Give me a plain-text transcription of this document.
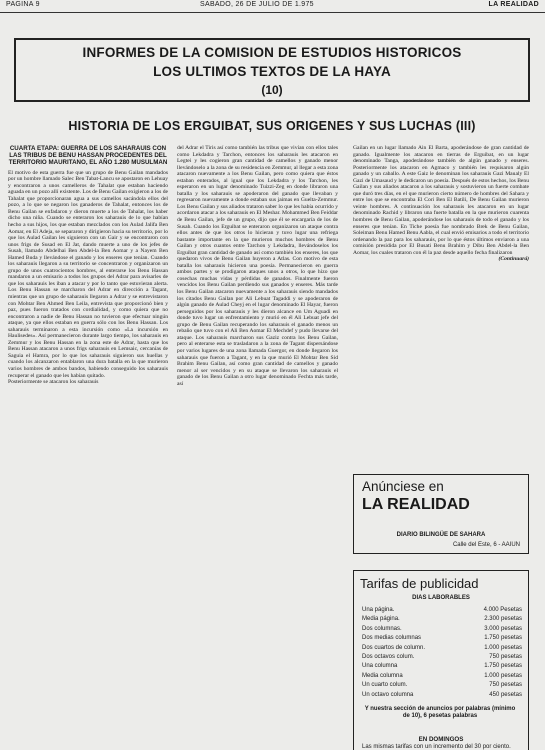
PAGINA 9	SABADO, 26 DE JULIO DE 1.975	LA REALIDAD
INFORMES DE LA COMISION DE ESTUDIOS HISTORICOS
LOS ULTIMOS TEXTOS DE LA HAYA
(10)
HISTORIA DE LOS ERGUIBAT, SUS ORIGENES Y SUS LUCHAS (III)

CUARTA ETAPA: GUERRA DE LOS SAHARAUIS CON LAS TRIBUS DE BENU HASSAN PROCEDENTES DEL TERRITORIO MAURITANO, EL AÑO 1.280 MUSULMAN

El motivo de esta guerra fue que un grupo de Benu Gailan mandados por un hombre llamado Salec Ben Tabat-Lancu se apostaron en Lehuay y encontraron a unos camelleros de Tahalat que estaban haciendo aguada en un pozo allí existente. Los de Benu Gailan exigieron a los de Tahalat que proporcionaran agua a sus camellos sacándola ellos del pozo, a lo que se negaron los ganaderos de Tahalat, entonces los de Benu Gailan se enfadaron y dieron muerte a los de Tahalat, los haber dicho una niña. Cuando se enteraron los saharauis de lo que habían hecho a sus hijos, los que estaban mezclados con los Aulad Jalifa Ben Aomar, en El Adeja, se separaron y dirigieron hacia su territorio, por lo que los Aulad Gailan les siguieron con un Gair y se encontraron con unos frigs de Susad en El Jat, dando muerte a uno de los jefes de Susah, llamado Abdelhai Ben Abdel-la Ben Aomar y a Nayem Ben Hamed Buda y llevándose el ganado y los enseres que tenían. Cuando los saharauis llegaron a su territorio se concentraron y organizaron un grupo de unos cuatrocientos hombres, al enterarse los Benu Hassan mandaron a un emisario a todos los grupos del Adrar para avisarles de que los saharauis les iban a atacar y por lo tanto que estuvieran alerta. Los Benu Hassan se marcharon del Adrar en dirección a Tagant, mientras que un grupo de saharauis llegaron a Adrar y se entrevistaron con Mohtar Ben Ahmed Ben Leila, entrevista que proporcionó bien y paz, pues fueron tratados con cordialidad, y como quiera que no encontraron a nadie de Benu Hassan no tuvieron que efectuar ningún ataque, ya que ellos estaban en guerra sólo con los Benu Hassan. Los saharauis terminaron a esta incursión como «La incursión en Haulisedes». Así permanecieron durante largo tiempo, los saharauis en Zemmur y los Benu Hassan en la zona este de Adrar, hasta que los Benu Hassan atacaron a unos frigs saharauis en Lemsaic, cercanías de Saguia el Hamra, por lo que los saharauis siguieron sus huellas y cuando los alcanzaron entablaron una dura batalla en la que murieron varios hombres de ambos bandos, habiendo conseguido los saharauis recuperar el ganado que les habían quitado.

Posteriormente se atacaron los saharauis

del Adrar el Tiris así como también las tribus que vivían con ellos tales como Lekdadra y Tarchon, entonces los saharauis les atacaron en Legtei y les cogieron gran cantidad de camellos y ganado menor llevándoselo a la zona de su residencia en Zemmur, al llegar a esta zona atacaron nuevamente a los Benu Gailan, pero como quiera que éstos estaban enterados, al igual que los Lekdadra y los Tarchon, les esperaron en un lugar denominado Tuizzi-Zeg en donde libraron una batalla y los saharauis se apoderaron del ganado que llevaban y regresaron nuevamente a donde estaban sus jaimas en Guelta-Zemmur. Los Benu Gailan y sus aliados trataron saber lo que les había ocurrido y acordaron atacar a los saharauis en El Meshar. Mohammed Ben Feiddar de Benu Gailan, jefe de un grupo, dijo que él se encargaría de los de Susah. Cuando los Erguibat se enteraron organizaron un ataque contra ellos antes de que los otros lo hicieran y tuvo lugar una refriega bastante importante en la que murieron muchos hombres de Benu Gailan y otros cuantos entre Tarchon y Lekdadra, llevándoselos los Erguibat gran cantidad de ganado así como también los enseres, los que quedaron vivos de Benu Gailan huyeron a Atlas. Con motivo de esta batalla los saharauis hicieron una poesía. Permanecieron en guerra ambos partes y se prodigaron ataques unos a otros, lo que hizo que cosechas muchas vidas y pérdidas de ganados. Finalmente fueron vencidos los Benu Gailan perdiendo sus ganados y enseres. Más tarde los Benu Gailan atacaron nuevamente a los saharauis siendo mandados los citados Benu Gailan por Ali Lebuat Tagaddi y se apoderaron de algún ganado de Aulad Cheyj en el lugar denominado El Hayar, fueron perseguidos por los saharauis y les dieron alcance en Um Aguadi en donde tuvo lugar un enfrentamiento y murió en él Ali Lebuat jefe del grupo de Benu Gailan recuperando los saharauis el ganado menos un rebaño que tuvo con el Ali Ben Aomar El Mechdef y pudo llevarse del ataque. Los saharauis marcharon sus Gaziz contra los Benu Gailan, pero al enterarse esta se trasladaron a la zona de Tagant dispersándose por varios lugares de una zona llamada Guergor, en donde llegaron los saharauis que fueron a Tagant, y en la que murió El Mohtar Ben Sid Brahim Benu Gailan, así como gran cantidad de camellos y ganado menor al ser vencidos y en su ataque se llevaron los saharauis el ganado de los Benu Gailan a otro lugar denominado Fechta más tarde, así

Gailan en un lugar llamado Ain El Barta, apoderándose de gran cantidad de ganado. Igualmente los atacaron en tierras de Erguibat, en un lugar denominado Tanga, apoderándose también de algún ganado y enseres. Posteriormente los atacaron en Agmaco y también les requisaron algún ganado y un caballo. A este Gaiz le denominan los saharauis Gazi Maualy El Gazi de Umasaud y le dedicaron un poesía. Después de estos hechos, los Benu Gailan y sus aliados atacaron a los saharauis y sostuvieron un fuerte combate que duró tres días, en el que murieron cierto número de hombres del Sahara y entre los que se encontraba El Cori Ben El Batili, De Benu Gailan murieron veinte hombres. A continuación los saharauis les atacaron en un lugar denominado Rachid y libraron una fuerte batalla en la que murieron cuarenta hombres de Benu Gailan, apoderándose los saharauis de todo el ganado y los enseres que tenían. En Tiche poesía fue nombrado Brek de Benu Gailan, Soleiman Benu Hamed Benu Aabla, el cual envió emisarios a todo el territorio ordenando la paz para los saharauis, por lo que éstos últimos enviaron a una comisión presidida por El Busati Benu Brahim y Dibu Ben Abdel-la Ben Aomar, los cuales trataron con él la paz desde aquello fecha finalizaron

(Continuará)
Anúnciese en
LA REALIDAD
DIARIO BILINGÜE DE SAHARA
Calle del Este, 6 - AAIUN
Tarifas de publicidad
DIAS LABORABLES
Una página.	4.000 Pesetas
Media página.	2.300 pesetas
Dos columnas.	3.000 pesetas
Dos medias columnas	1.750 pesetas
Dos cuartos de column.	1.000 pesetas
Dos octavos colum.	750 pesetas
Una columna	1.750 pesetas
Media columna	1.000 pesetas
Un cuarto colum.	750 pesetas
Un octavo columna	450 pesetas
Y nuestra sección de anuncios por palabras (mínimo de 10), 6 pesetas palabras
EN DOMINGOS
Las mismas tarifas con un incremento del 30 por ciento.
